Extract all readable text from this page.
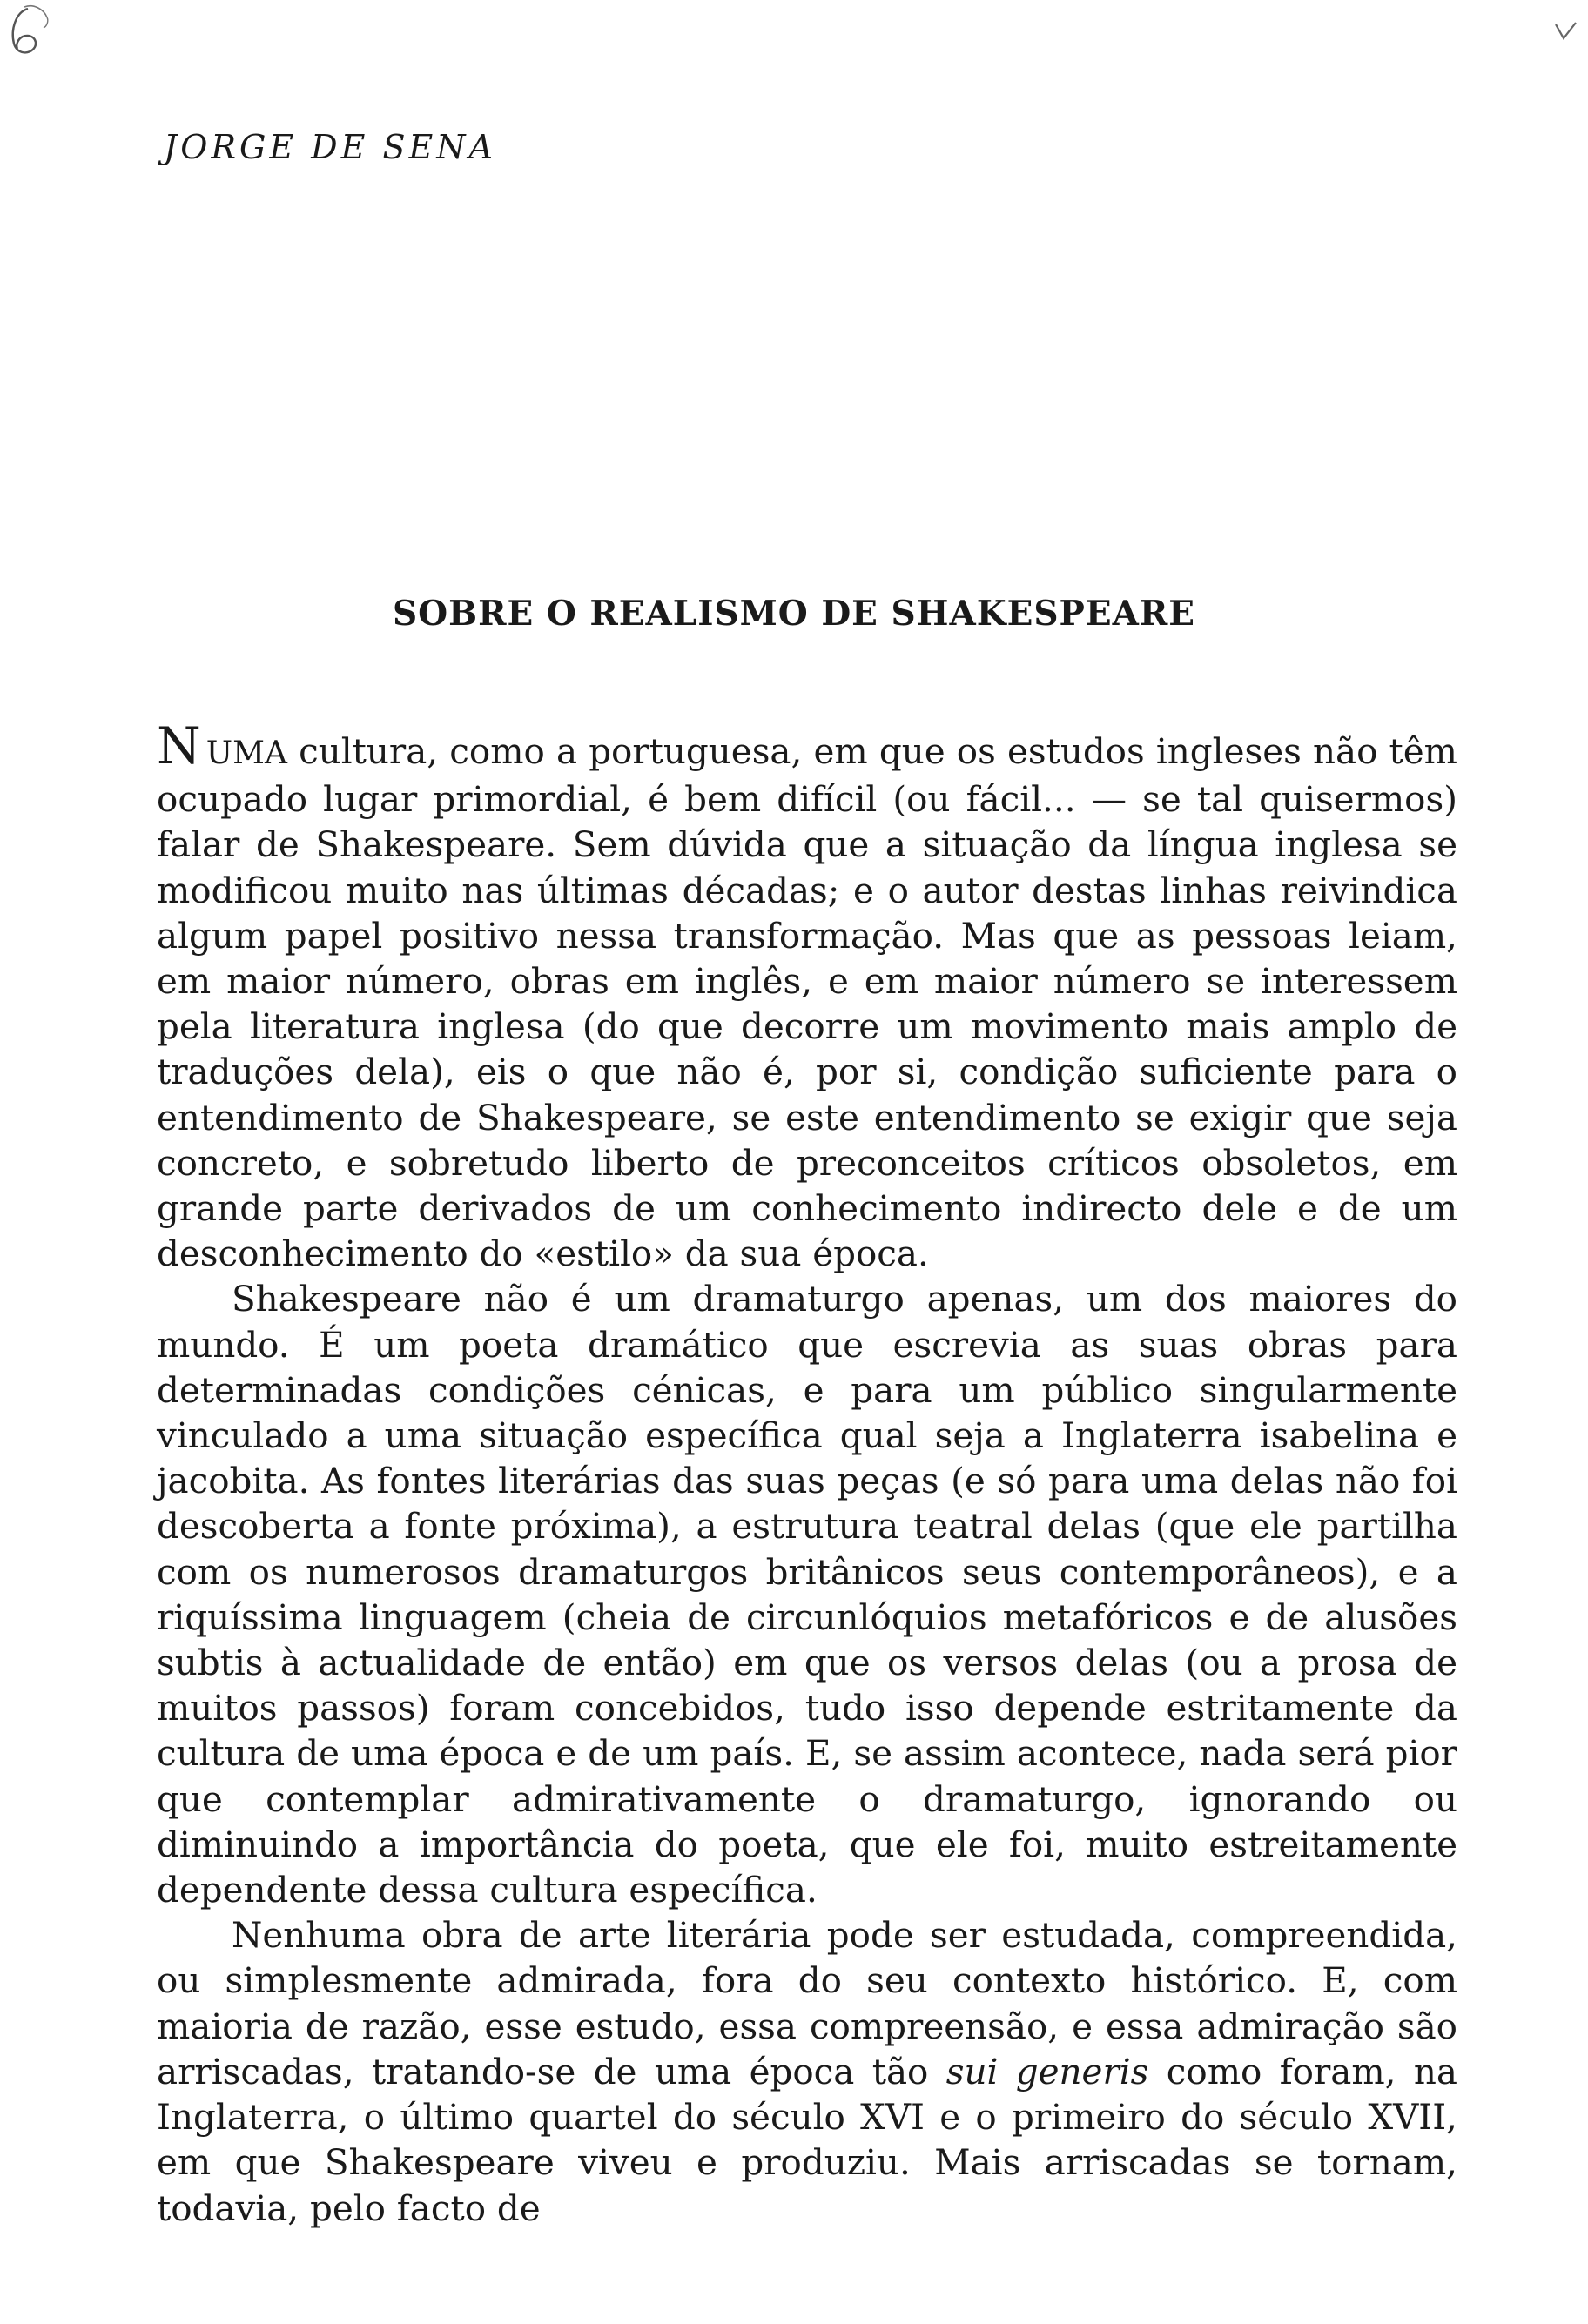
JORGE DE SENA
SOBRE O REALISMO DE SHAKESPEARE

NUMA cultura, como a portuguesa, em que os estudos ingleses não têm ocupado lugar primordial, é bem difícil (ou fácil... — se tal quisermos) falar de Shakespeare. Sem dúvida que a situação da língua inglesa se modificou muito nas últimas décadas; e o autor destas linhas reivindica algum papel positivo nessa transformação. Mas que as pessoas leiam, em maior número, obras em inglês, e em maior número se interessem pela literatura inglesa (do que decorre um movimento mais amplo de traduções dela), eis o que não é, por si, condição suficiente para o entendimento de Shakespeare, se este entendimento se exigir que seja concreto, e sobretudo liberto de preconceitos críticos obsoletos, em grande parte derivados de um conhecimento indirecto dele e de um desconhecimento do «estilo» da sua época.

Shakespeare não é um dramaturgo apenas, um dos maiores do mundo. É um poeta dramático que escrevia as suas obras para determinadas condições cénicas, e para um público singularmente vinculado a uma situação específica qual seja a Inglaterra isabelina e jacobita. As fontes literárias das suas peças (e só para uma delas não foi descoberta a fonte próxima), a estrutura teatral delas (que ele partilha com os numerosos dramaturgos britânicos seus contemporâneos), e a riquíssima linguagem (cheia de circunlóquios metafóricos e de alusões subtis à actualidade de então) em que os versos delas (ou a prosa de muitos passos) foram concebidos, tudo isso depende estritamente da cultura de uma época e de um país. E, se assim acontece, nada será pior que contemplar admirativamente o dramaturgo, ignorando ou diminuindo a importância do poeta, que ele foi, muito estreitamente dependente dessa cultura específica.

Nenhuma obra de arte literária pode ser estudada, compreendida, ou simplesmente admirada, fora do seu contexto histórico. E, com maioria de razão, esse estudo, essa compreensão, e essa admiração são arriscadas, tratando-se de uma época tão sui generis como foram, na Inglaterra, o último quartel do século XVI e o primeiro do século XVII, em que Shakespeare viveu e produziu. Mais arriscadas se tornam, todavia, pelo facto de
